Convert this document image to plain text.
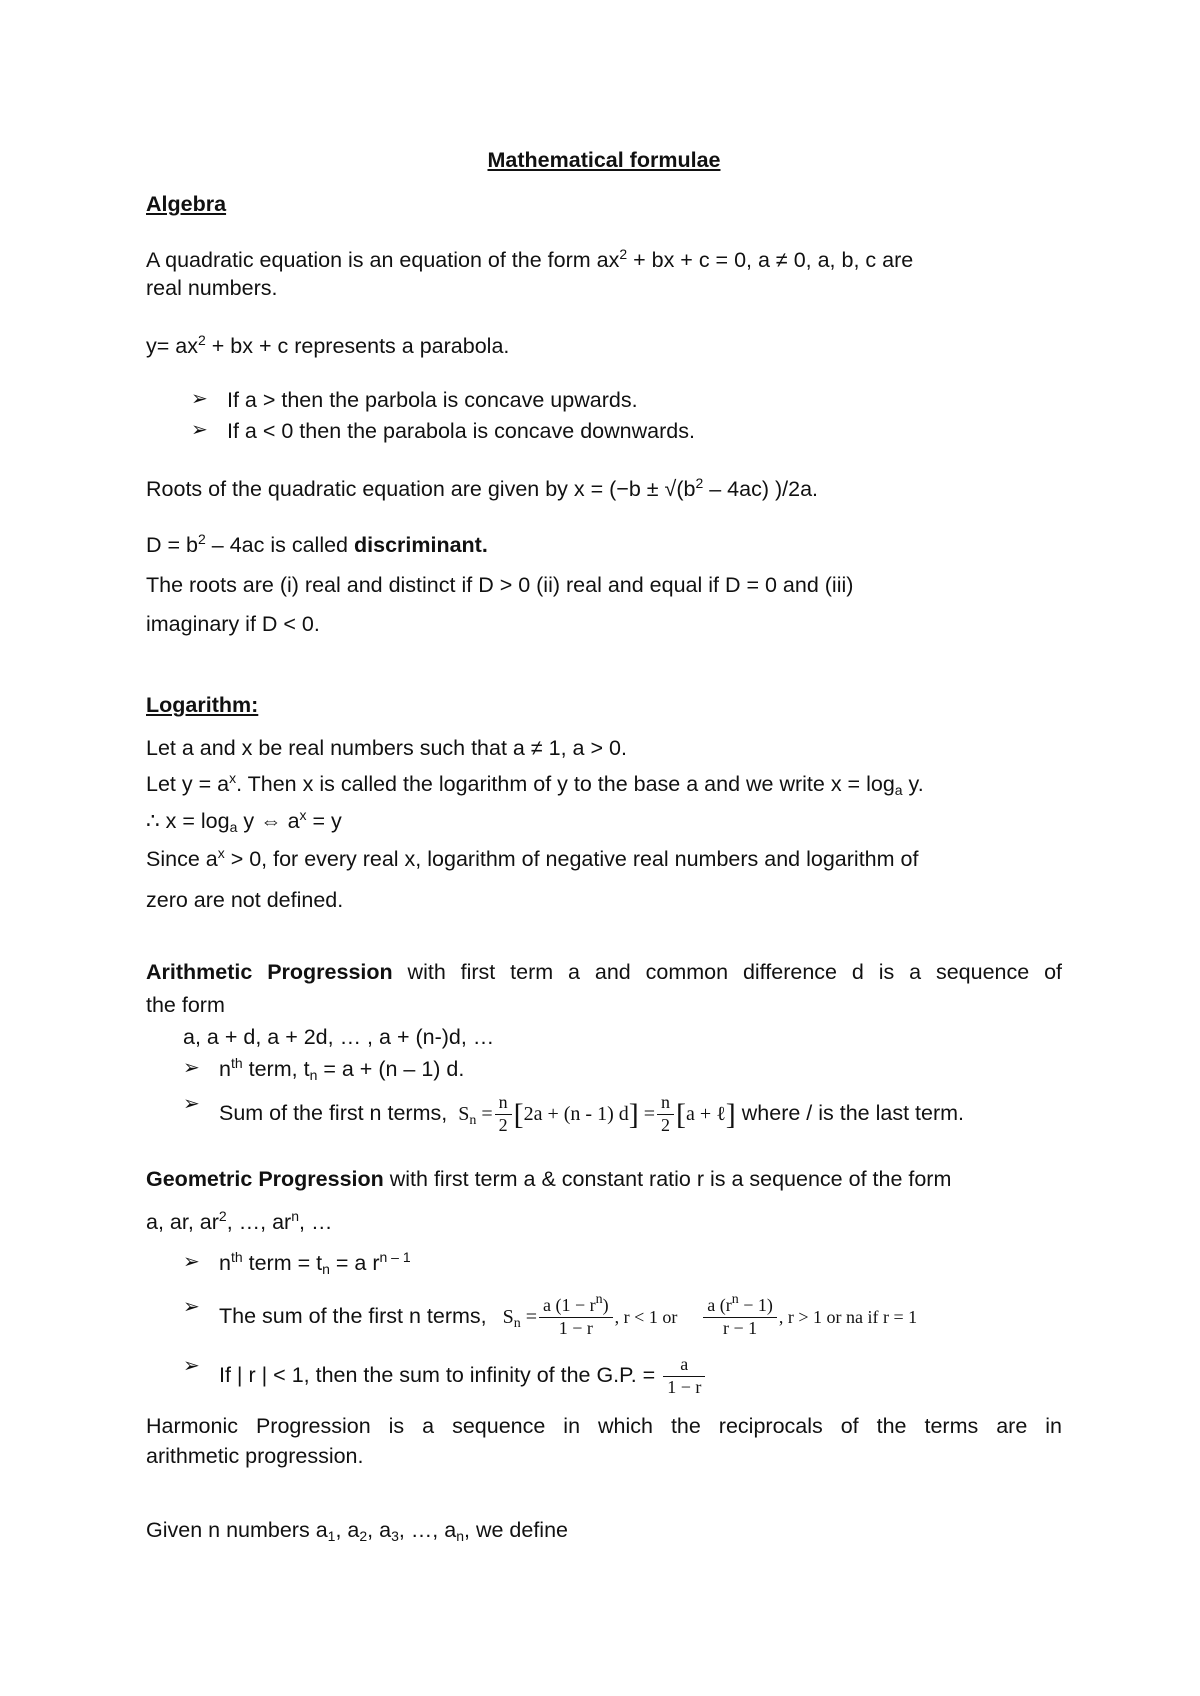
Mathematical formulae
Algebra
A quadratic equation is an equation of the form $ax^2$ + bx + c = 0, a ≠ 0, a, b, c are
real numbers.
$y= ax^2$ + bx + c represents a parabola.
➢ If a > then the parbola is concave upwards.
➢ If a < 0 then the parabola is concave downwards.
Roots of the quadratic equation are given by $x = (-b \pm √(b^2 - 4ac)$ )/2a.
$D = b^2 - 4ac$ is called discriminant.
The roots are (i) real and distinct if D > 0 (ii) real and equal if D = 0 and (iii)
imaginary if D < 0.
Logarithm:
Let a and x be real numbers such that a ≠ 1, a > 0.
Let $y = a^x$. Then x is called the logarithm of y to the base a and we write $x = \log_a y$.
∴ $x = \log_a y$ ⇔ $a^x = y$
Since $a^x > 0$, for every real x, logarithm of negative real numbers and logarithm of
zero are not defined.
Arithmetic Progression with first term a and common difference d is a sequence of
the form
a, a + d, a + 2d, … , a + (n-)d, …
➢ $n^{th}$ term, $t_n = a + (n - 1)$ d.
➢ Sum of the first n terms, $S_n = \frac{n}{2} [2a + (n - 1) d] = \frac{n}{2} [a$ + ℓ] where / is the last term.
Geometric Progression with first term a & constant ratio r is a sequence of the form
a, ar, $ar^2$, …, $ar^n$, …
➢ $n^{th}$ term = $t_n = a$ $r^{n - 1}$
➢ The sum of the first n terms, $S_n = \frac{a (1 - r^n)}{1 - r}$ , r < 1 or $\frac{a (r^n - 1)}{r - 1}$ , r > 1 or na if r = 1
➢ If | r | < 1, then the sum to infinity of the G.P. = $\frac{a}{1 - r}$
Harmonic Progression is a sequence in which the reciprocals of the terms are in
arithmetic progression.
Given n numbers $a_1$, $a_2$, $a_3$, …, $a_n$, we define
